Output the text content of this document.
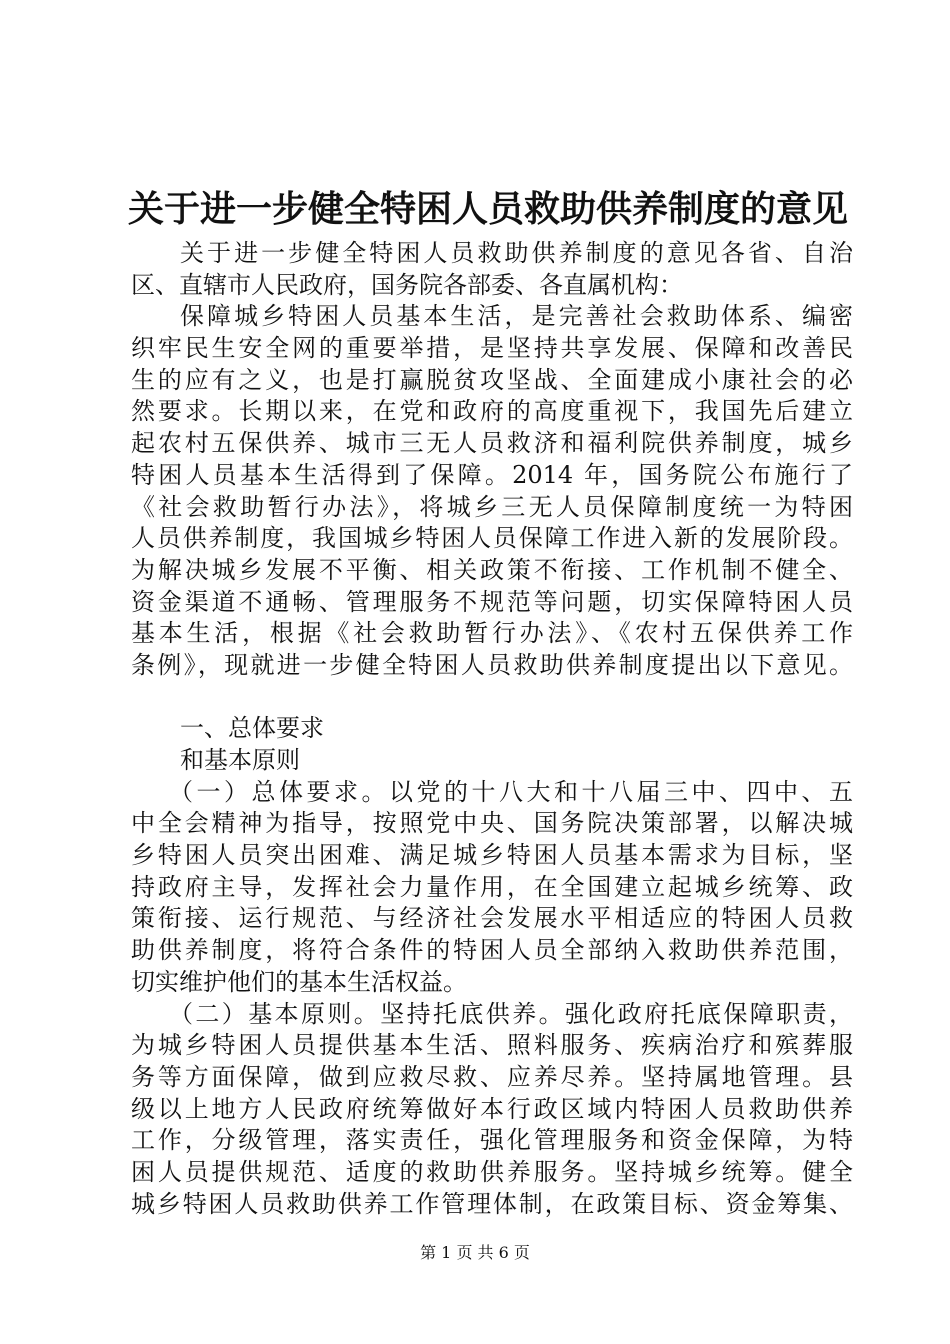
关于进一步健全特困人员救助供养制度的意见
关于进一步健全特困人员救助供养制度的意见各省、自治
区、直辖市人民政府，国务院各部委、各直属机构：
保障城乡特困人员基本生活，是完善社会救助体系、编密
织牢民生安全网的重要举措，是坚持共享发展、保障和改善民
生的应有之义，也是打赢脱贫攻坚战、全面建成小康社会的必
然要求。长期以来，在党和政府的高度重视下，我国先后建立
起农村五保供养、城市三无人员救济和福利院供养制度，城乡
特困人员基本生活得到了保障。2014 年，国务院公布施行了
《社会救助暂行办法》，将城乡三无人员保障制度统一为特困
人员供养制度，我国城乡特困人员保障工作进入新的发展阶段。
为解决城乡发展不平衡、相关政策不衔接、工作机制不健全、
资金渠道不通畅、管理服务不规范等问题，切实保障特困人员
基本生活，根据《社会救助暂行办法》、《农村五保供养工作
条例》，现就进一步健全特困人员救助供养制度提出以下意见。
一、总体要求
和基本原则
（一）总体要求。以党的十八大和十八届三中、四中、五
中全会精神为指导，按照党中央、国务院决策部署，以解决城
乡特困人员突出困难、满足城乡特困人员基本需求为目标，坚
持政府主导，发挥社会力量作用，在全国建立起城乡统筹、政
策衔接、运行规范、与经济社会发展水平相适应的特困人员救
助供养制度，将符合条件的特困人员全部纳入救助供养范围，
切实维护他们的基本生活权益。
（二）基本原则。坚持托底供养。强化政府托底保障职责，
为城乡特困人员提供基本生活、照料服务、疾病治疗和殡葬服
务等方面保障，做到应救尽救、应养尽养。坚持属地管理。县
级以上地方人民政府统筹做好本行政区域内特困人员救助供养
工作，分级管理，落实责任，强化管理服务和资金保障，为特
困人员提供规范、适度的救助供养服务。坚持城乡统筹。健全
城乡特困人员救助供养工作管理体制，在政策目标、资金筹集、
第 1 页 共 6 页
